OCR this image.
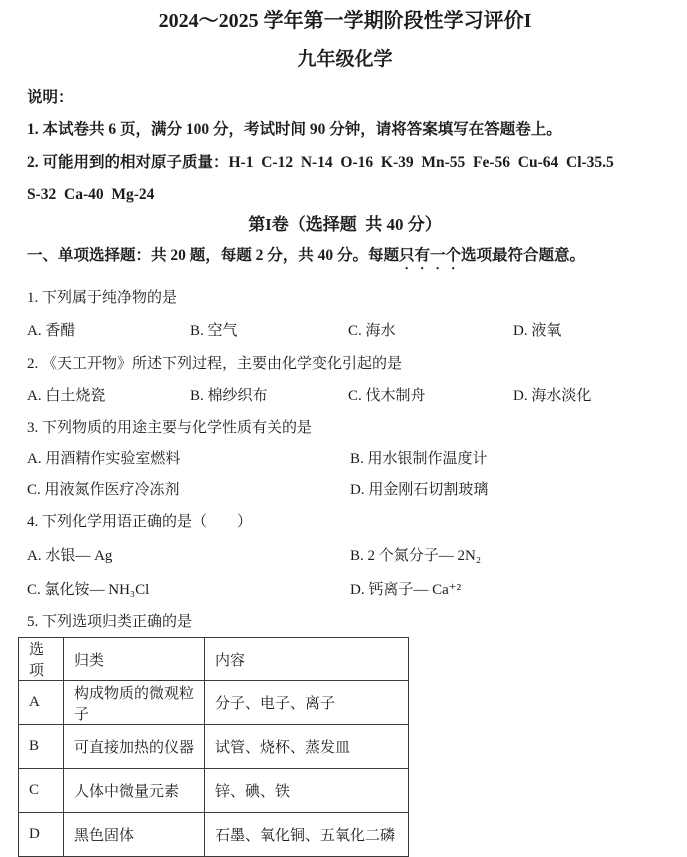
2024～2025 学年第一学期阶段性学习评价I
九年级化学
说明：
1. 本试卷共 6 页，满分 100 分，考试时间 90 分钟，请将答案填写在答题卷上。
2. 可能用到的相对原子质量：H-1  C-12  N-14  O-16  K-39  Mn-55  Fe-56  Cu-64  Cl-35.5
S-32  Ca-40  Mg-24
第I卷（选择题  共 40 分）
一、单项选择题：共 20 题，每题 2 分，共 40 分。每题只有一个选项最符合题意。
1. 下列属于纯净物的是
A. 香醋	B. 空气	C. 海水	D. 液氧
2. 《天工开物》所述下列过程，主要由化学变化引起的是
A. 白土烧瓷	B. 棉纱织布	C. 伐木制舟	D. 海水淡化
3. 下列物质的用途主要与化学性质有关的是
A. 用酒精作实验室燃料	B. 用水银制作温度计
C. 用液氮作医疗冷冻剂	D. 用金刚石切割玻璃
4. 下列化学用语正确的是（　　）
A. 水银— Ag	B. 2 个氮分子— 2N₂
C. 氯化铵— NH₃Cl	D. 钙离子— Ca⁺²
5. 下列选项归类正确的是
选项	归类	内容
A	构成物质的微观粒子	分子、电子、离子
B	可直接加热的仪器	试管、烧杯、蒸发皿
C	人体中微量元素	锌、碘、铁
D	黑色固体	石墨、氧化铜、五氧化二磷
